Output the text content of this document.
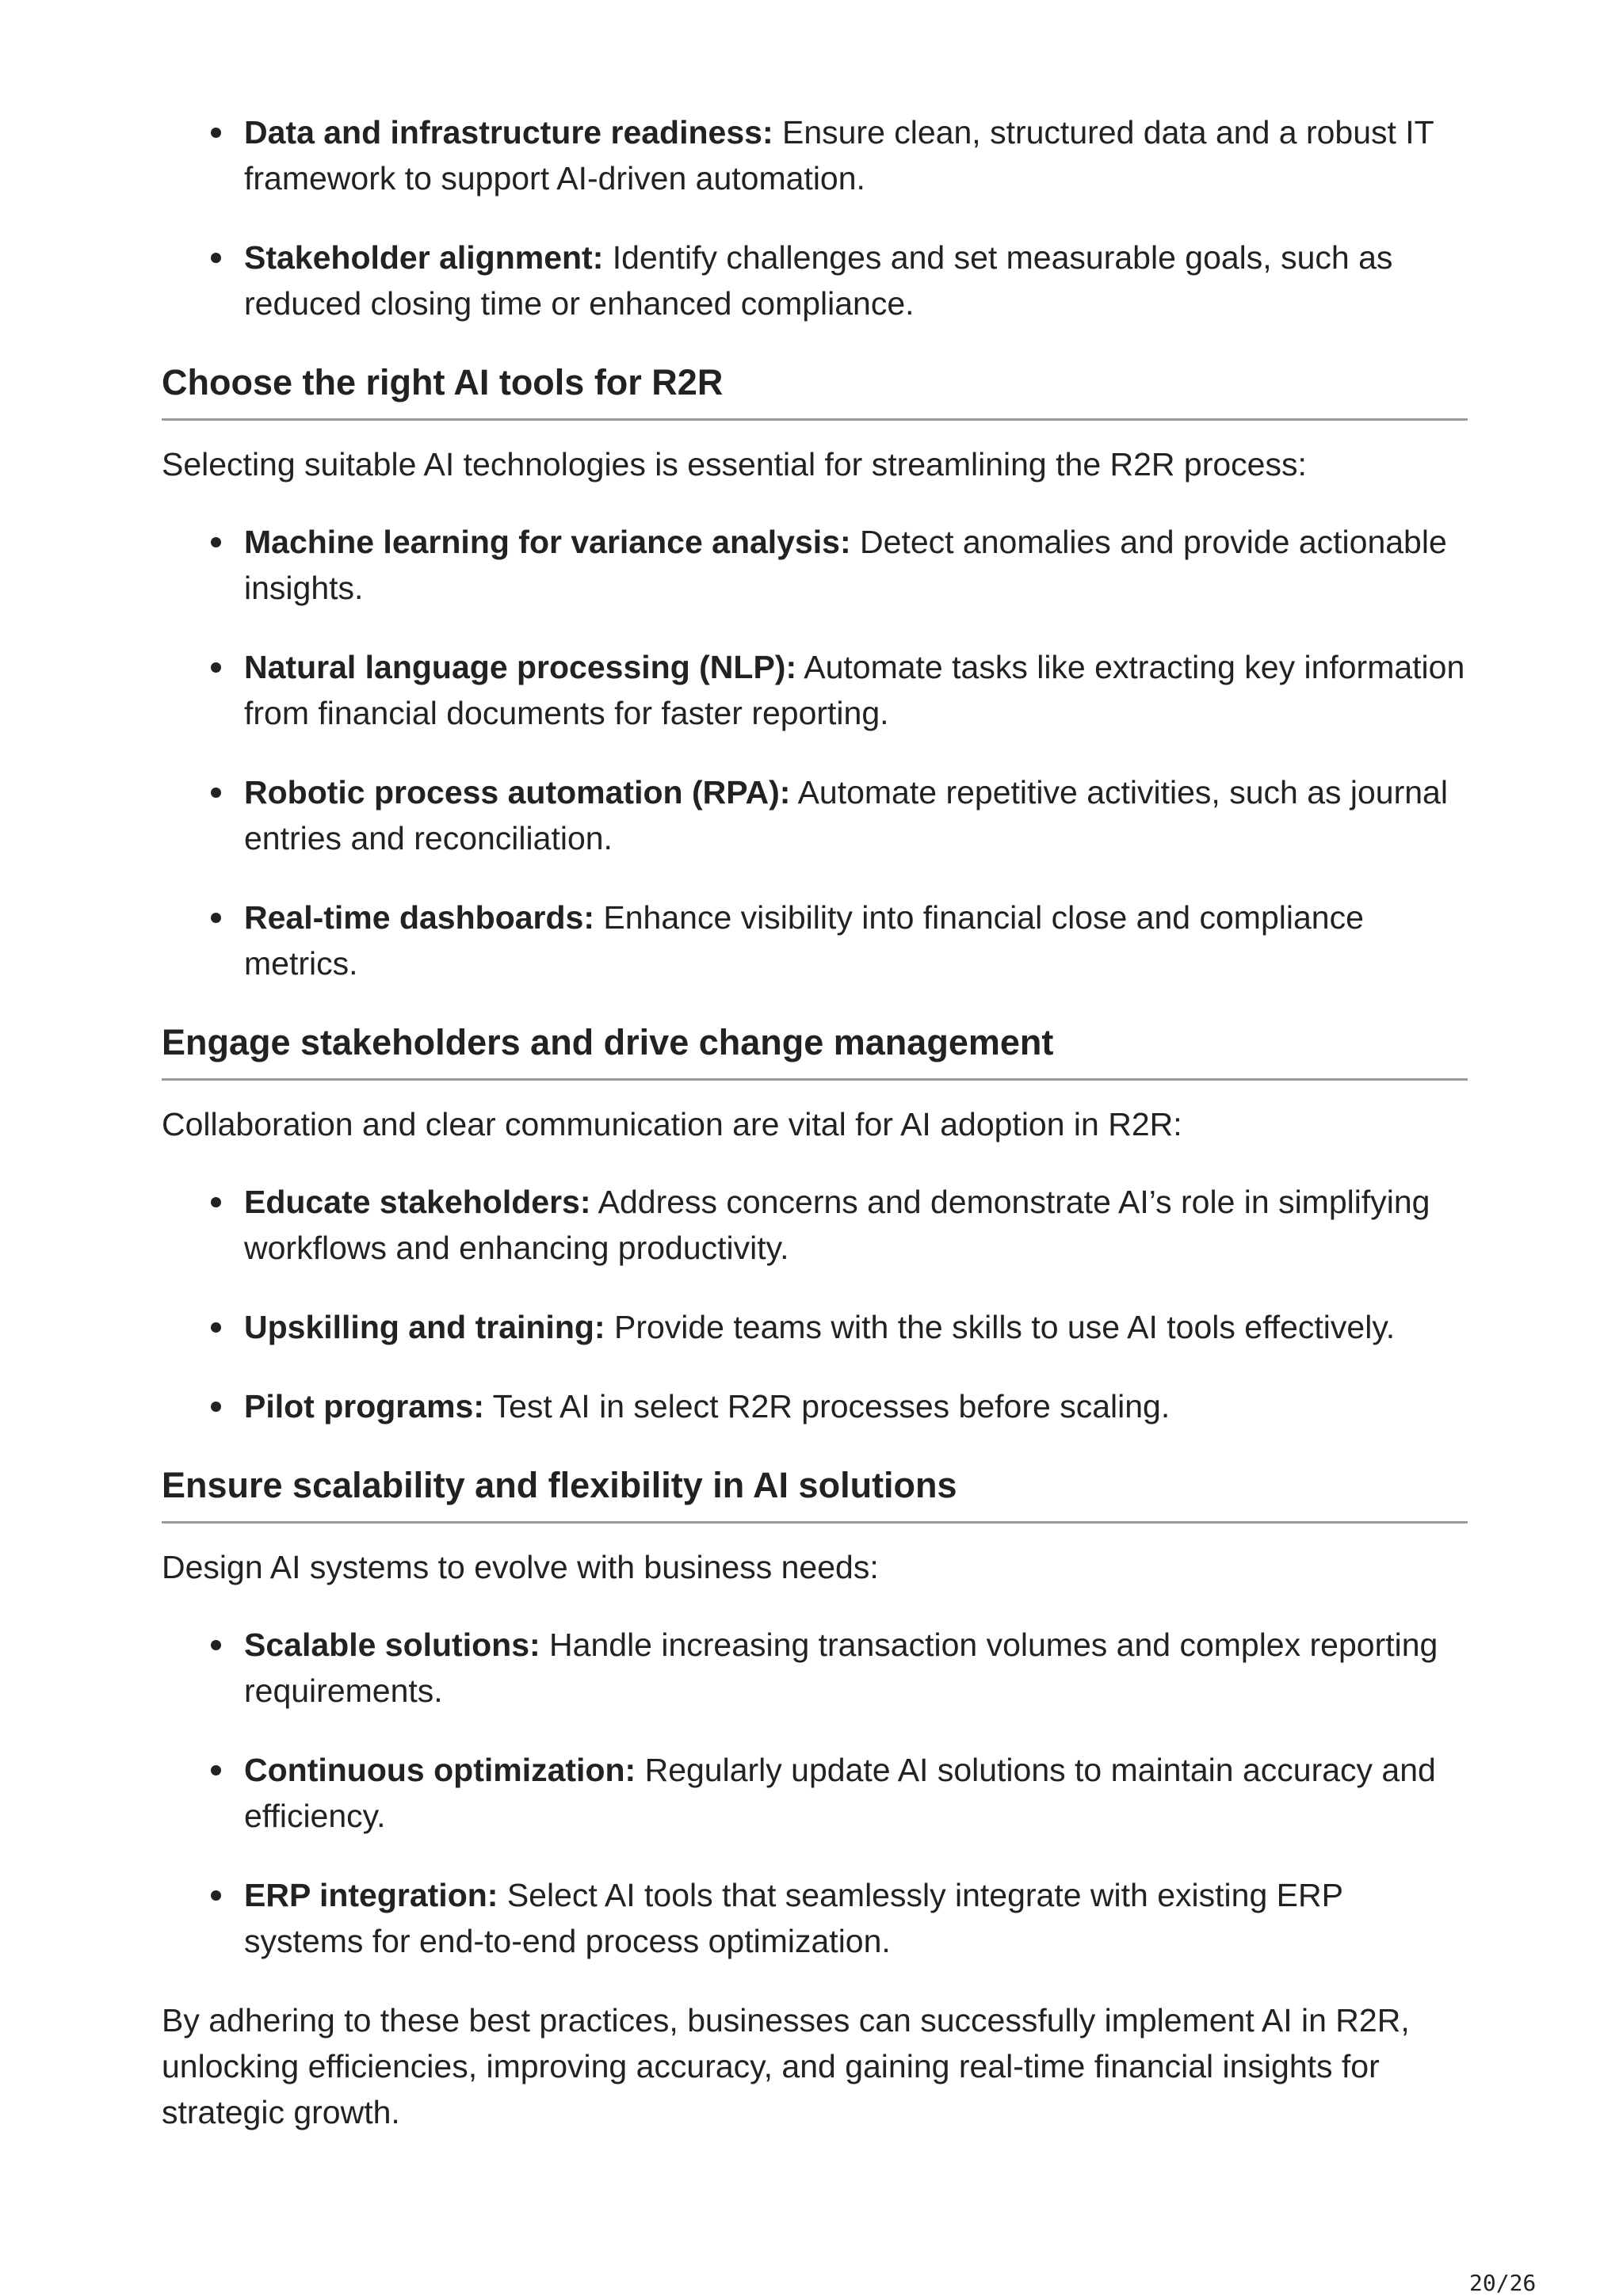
Data and infrastructure readiness: Ensure clean, structured data and a robust IT framework to support AI-driven automation.
Stakeholder alignment: Identify challenges and set measurable goals, such as reduced closing time or enhanced compliance.
Choose the right AI tools for R2R

Selecting suitable AI technologies is essential for streamlining the R2R process:

Machine learning for variance analysis: Detect anomalies and provide actionable insights.
Natural language processing (NLP): Automate tasks like extracting key information from financial documents for faster reporting.
Robotic process automation (RPA): Automate repetitive activities, such as journal entries and reconciliation.
Real-time dashboards: Enhance visibility into financial close and compliance metrics.
Engage stakeholders and drive change management

Collaboration and clear communication are vital for AI adoption in R2R:

Educate stakeholders: Address concerns and demonstrate AI’s role in simplifying workflows and enhancing productivity.
Upskilling and training: Provide teams with the skills to use AI tools effectively.
Pilot programs: Test AI in select R2R processes before scaling.
Ensure scalability and flexibility in AI solutions

Design AI systems to evolve with business needs:

Scalable solutions: Handle increasing transaction volumes and complex reporting requirements.
Continuous optimization: Regularly update AI solutions to maintain accuracy and efficiency.
ERP integration: Select AI tools that seamlessly integrate with existing ERP systems for end-to-end process optimization.

By adhering to these best practices, businesses can successfully implement AI in R2R, unlocking efficiencies, improving accuracy, and gaining real-time financial insights for strategic growth.

20/26
